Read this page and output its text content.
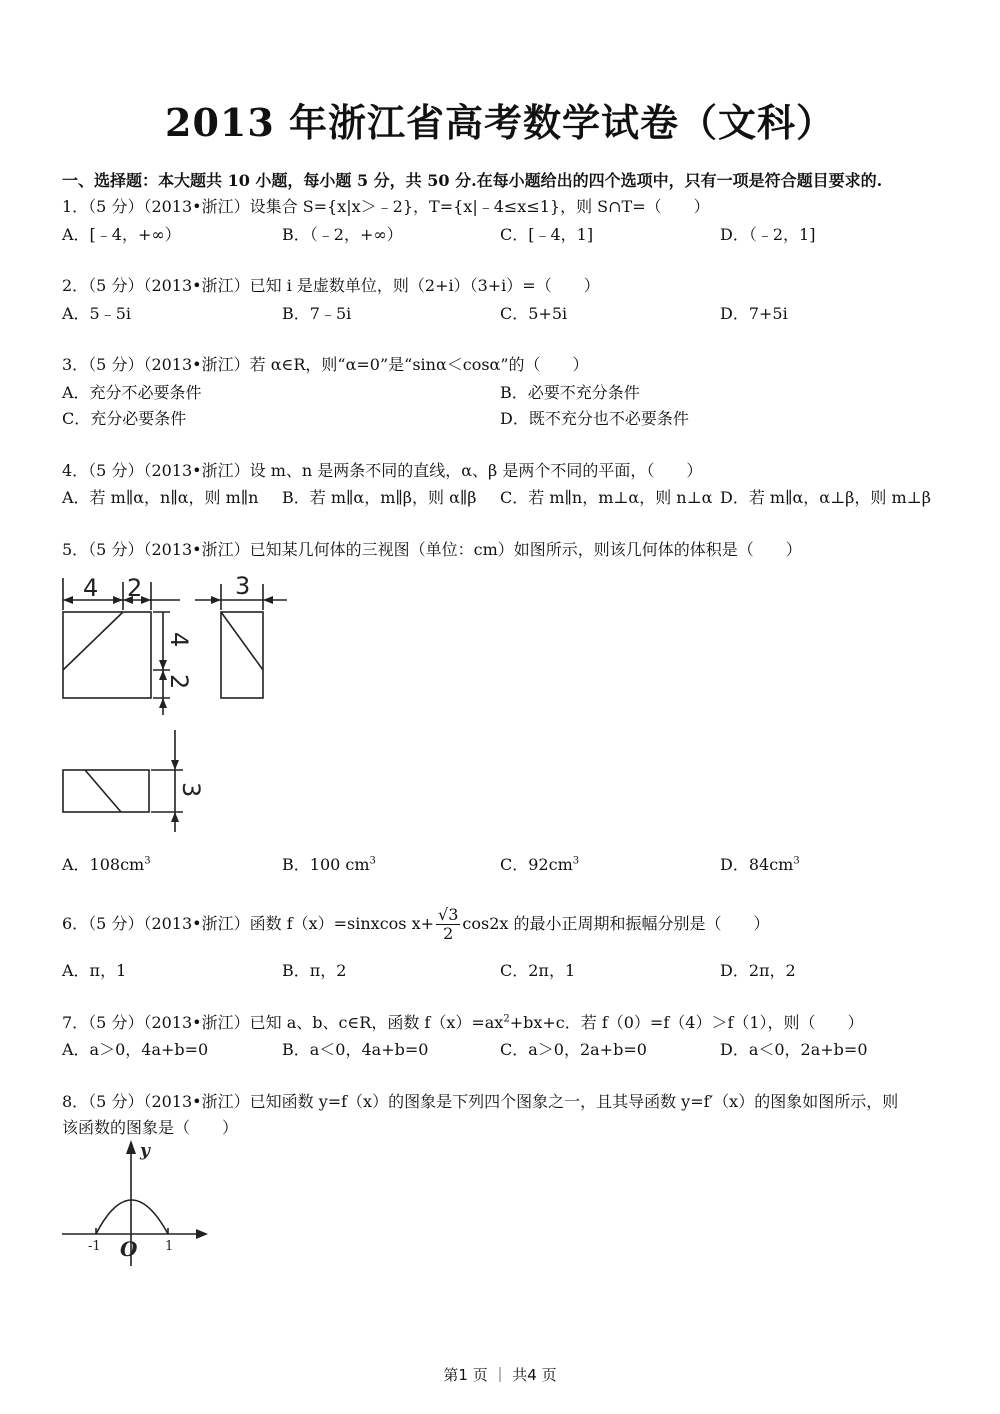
2013 年浙江省高考数学试卷（文科）
一、选择题：本大题共 10 小题，每小题 5 分，共 50 分.在每小题给出的四个选项中，只有一项是符合题目要求的.
1．（5 分）（2013•浙江）设集合 S={x|x＞﹣2}，T={x|﹣4≤x≤1}，则 S∩T=（　　）
A．[﹣4，+∞）	B．（﹣2，+∞）	C．[﹣4，1]	D．（﹣2，1]
2．（5 分）（2013•浙江）已知 i 是虚数单位，则（2+i）（3+i）=（　　）
A．5﹣5i	B．7﹣5i	C．5+5i	D．7+5i
3．（5 分）（2013•浙江）若 α∈R，则“α=0”是“sinα＜cosα”的（　　）
A．充分不必要条件	B．必要不充分条件
C．充分必要条件	D．既不充分也不必要条件
4．（5 分）（2013•浙江）设 m、n 是两条不同的直线，α、β 是两个不同的平面，（　　）
A．若 m∥α，n∥α，则 m∥n B．若 m∥α，m∥β，则 α∥β C．若 m∥n，m⊥α，则 n⊥α D．若 m∥α，α⊥β，则 m⊥β
5．（5 分）（2013•浙江）已知某几何体的三视图（单位：cm）如图所示，则该几何体的体积是（　　）
4 2	3
4
2
3
A．$108cm^3$	B．100 $cm^3$	C．$92cm^3$	D．$84cm^3$
6．（5 分）（2013•浙江）函数 f（x）=sinxcos $x+ \frac{√3}{2} \cos 2x$ 的最小正周期和振幅分别是（　　）
A．π，1	B．π，2	C．2π，1	D．2π，2
7．（5 分）（2013•浙江）已知 a、b、c∈R，函数 $f(x)=ax^2+bx+c$．若 f（0）=f（4）＞f（1），则（　　）
A．a＞0，4a+b=0	B．a＜0，4a+b=0	C．a＞0，2a+b=0	D．a＜0，2a+b=0
8．（5 分）（2013•浙江）已知函数 y=f（x）的图象是下列四个图象之一，且其导函数 y=f′（x）的图象如图所示，则
该函数的图象是（　　）
y
O
-1	1
第1 页 ｜ 共4 页
